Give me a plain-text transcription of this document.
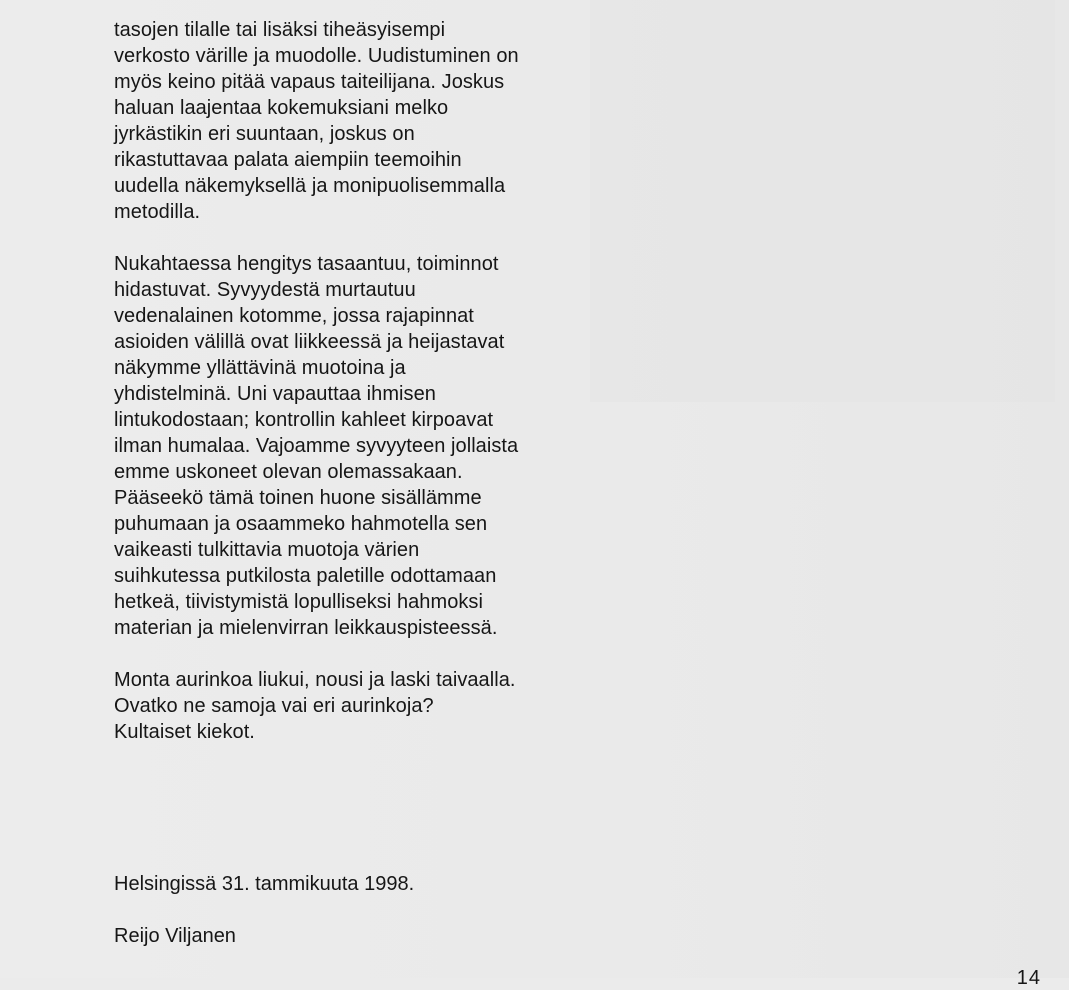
tasojen tilalle tai lisäksi tiheäsyisempi
verkosto värille ja muodolle. Uudistuminen on
myös keino pitää vapaus taiteilijana. Joskus
haluan laajentaa kokemuksiani melko
jyrkästikin eri suuntaan, joskus on
rikastuttavaa palata aiempiin teemoihin
uudella näkemyksellä ja monipuolisemmalla
metodilla.

Nukahtaessa hengitys tasaantuu, toiminnot
hidastuvat. Syvyydestä murtautuu
vedenalainen kotomme, jossa rajapinnat
asioiden välillä ovat liikkeessä ja heijastavat
näkymme yllättävinä muotoina ja
yhdistelminä. Uni vapauttaa ihmisen
lintukodostaan; kontrollin kahleet kirpoavat
ilman humalaa. Vajoamme syvyyteen jollaista
emme uskoneet olevan olemassakaan.
Pääseekö tämä toinen huone sisällämme
puhumaan ja osaammeko hahmotella sen
vaikeasti tulkittavia muotoja värien
suihkutessa putkilosta paletille odottamaan
hetkeä, tiivistymistä lopulliseksi hahmoksi
materian ja mielenvirran leikkauspisteessä.

Monta aurinkoa liukui, nousi ja laski taivaalla.
Ovatko ne samoja vai eri aurinkoja?
Kultaiset kiekot.

Helsingissä 31. tammikuuta 1998.
Reijo Viljanen
14
